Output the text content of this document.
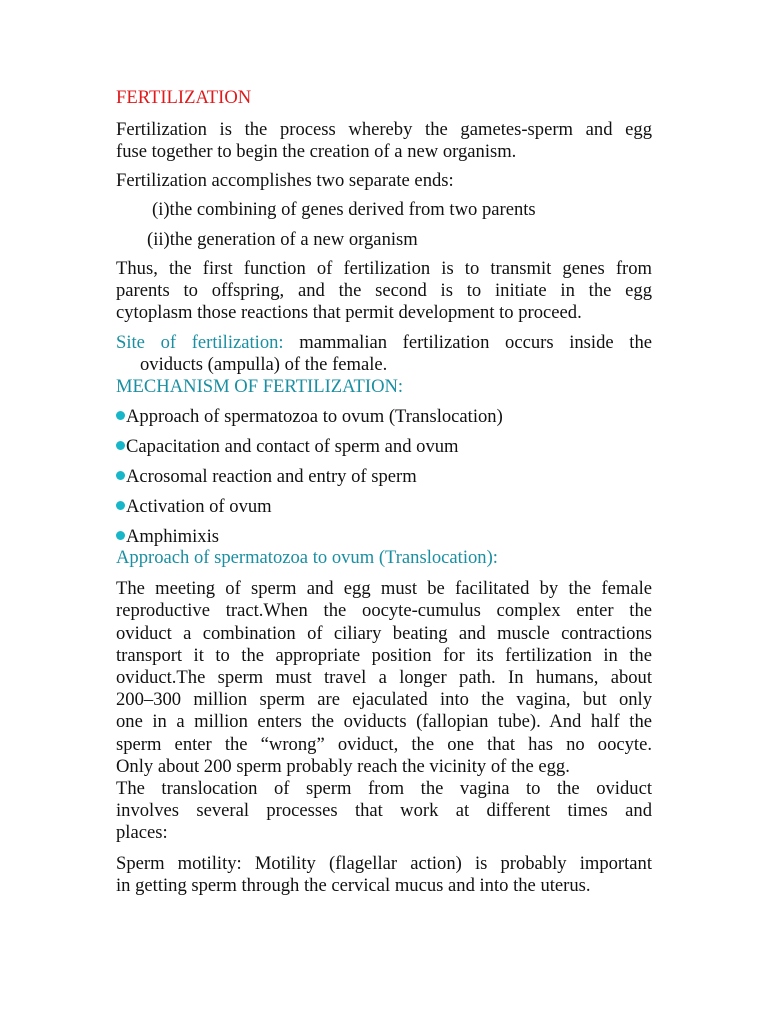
FERTILIZATION
Fertilization is the process whereby the gametes-sperm and egg
fuse together to begin the creation of a new organism.
Fertilization accomplishes two separate ends:
(i)the combining of genes derived from two parents
(ii)the generation of a new organism
Thus, the first function of fertilization is to transmit genes from
parents to offspring, and the second is to initiate in the egg
cytoplasm those reactions that permit development to proceed.
Site of fertilization: mammalian fertilization occurs inside the
oviducts (ampulla) of the female.
MECHANISM OF FERTILIZATION:
Approach of spermatozoa to ovum (Translocation)
Capacitation and contact of sperm and ovum
Acrosomal reaction and entry of sperm
Activation of ovum
Amphimixis
Approach of spermatozoa to ovum (Translocation):
The meeting of sperm and egg must be facilitated by the female
reproductive tract.When the oocyte-cumulus complex enter the
oviduct a combination of ciliary beating and muscle contractions
transport it to the appropriate position for its fertilization in the
oviduct.The sperm must travel a longer path. In humans, about
200–300 million sperm are ejaculated into the vagina, but only
one in a million enters the oviducts (fallopian tube). And half the
sperm enter the “wrong” oviduct, the one that has no oocyte.
Only about 200 sperm probably reach the vicinity of the egg.
The translocation of sperm from the vagina to the oviduct
involves several processes that work at different times and
places:
Sperm motility: Motility (flagellar action) is probably important
in getting sperm through the cervical mucus and into the uterus.
